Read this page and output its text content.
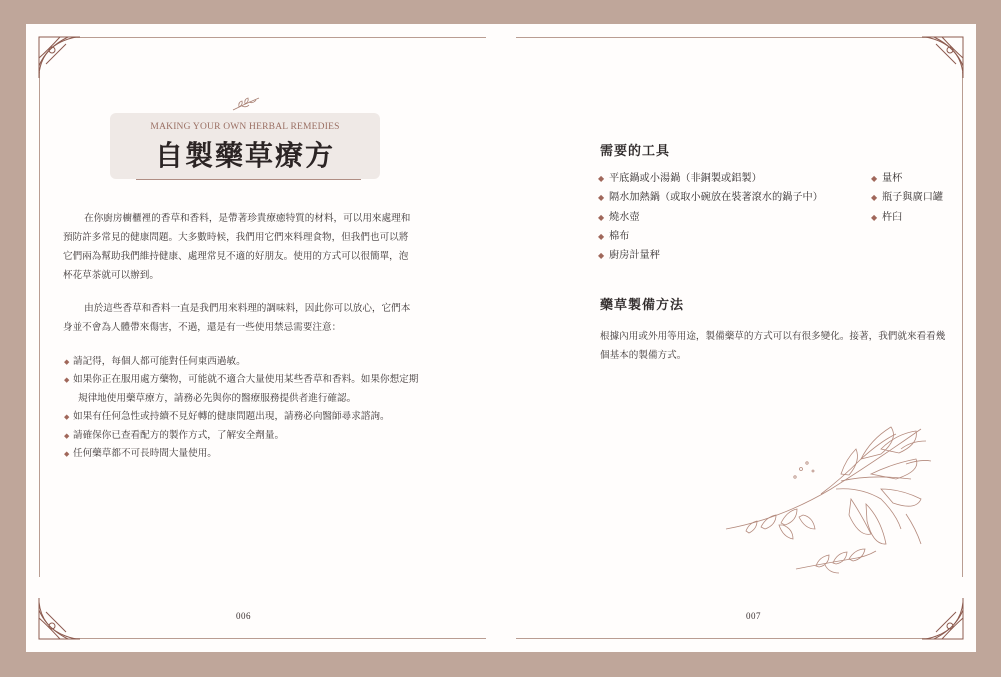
MAKING YOUR OWN HERBAL REMEDIES
自製藥草療方
在你廚房櫥櫃裡的香草和香料，是帶著珍貴療癒特質的材料，可以用來處理和
預防許多常見的健康問題。大多數時候，我們用它們來料理食物，但我們也可以將
它們兩為幫助我們維持健康、處理常見不適的好朋友。使用的方式可以很簡單，泡
杯花草茶就可以辦到。
由於這些香草和香料一直是我們用來料理的調味料，因此你可以放心，它們本
身並不會為人體帶來傷害，不過，還是有一些使用禁忌需要注意：
◆ 請記得，每個人都可能對任何東西過敏。
◆ 如果你正在服用處方藥物，可能就不適合大量使用某些香草和香料。如果你想定期
規律地使用藥草療方，請務必先與你的醫療服務提供者進行確認。
◆ 如果有任何急性或持續不見好轉的健康問題出現，請務必向醫師尋求諮詢。
◆ 請確保你已查看配方的製作方式，了解安全劑量。
◆ 任何藥草都不可長時間大量使用。
006
需要的工具
◆ 平底鍋或小湯鍋（非銅製或鋁製）
◆ 隔水加熱鍋（或取小碗放在裝著滾水的鍋子中）
◆ 燒水壺
◆ 棉布
◆ 廚房計量秤
◆ 量杯
◆ 瓶子與廣口罐
◆ 杵臼
藥草製備方法
根據內用或外用等用途，製備藥草的方式可以有很多變化。接著，我們就來看看幾
個基本的製備方式。
007
